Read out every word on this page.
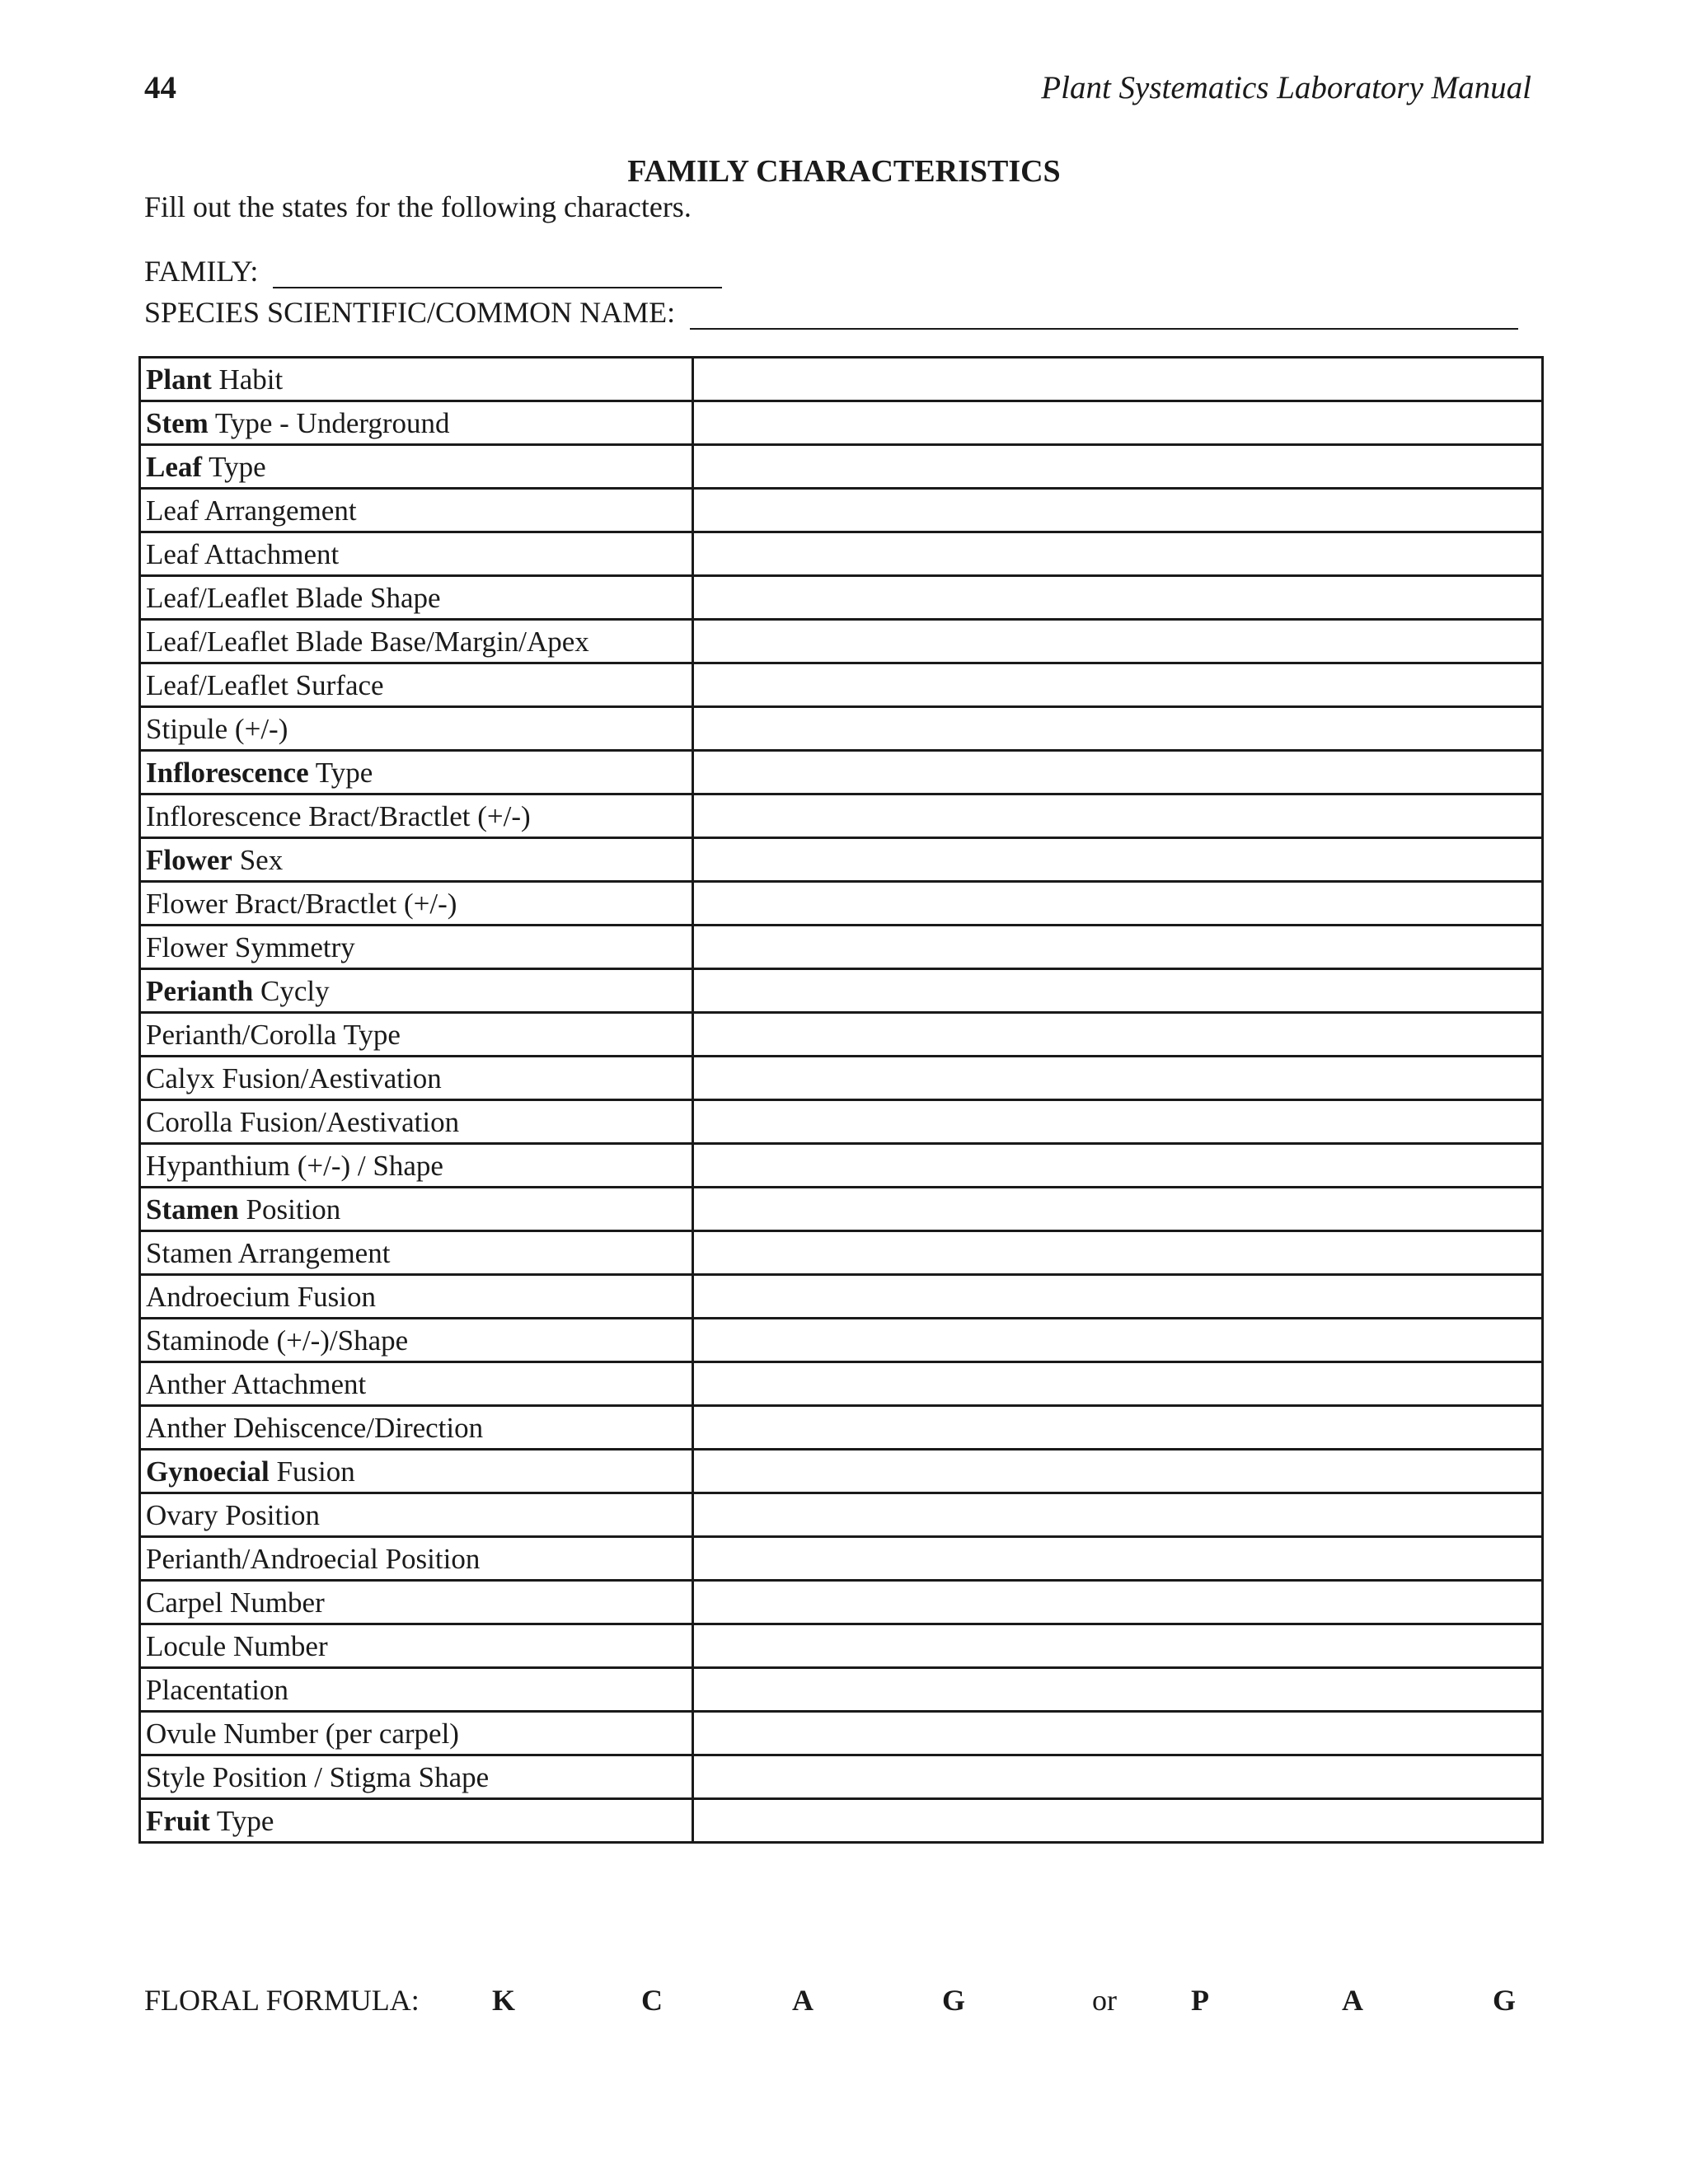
44	Plant Systematics Laboratory Manual
FAMILY CHARACTERISTICS
Fill out the states for the following characters.
FAMILY:
SPECIES SCIENTIFIC/COMMON NAME:
Plant Habit	
Stem Type - Underground	
Leaf Type	
Leaf Arrangement	
Leaf Attachment	
Leaf/Leaflet Blade Shape	
Leaf/Leaflet Blade Base/Margin/Apex	
Leaf/Leaflet Surface	
Stipule (+/-)	
Inflorescence Type	
Inflorescence Bract/Bractlet (+/-)	
Flower Sex	
Flower Bract/Bractlet (+/-)	
Flower Symmetry	
Perianth Cycly	
Perianth/Corolla Type	
Calyx Fusion/Aestivation	
Corolla Fusion/Aestivation	
Hypanthium (+/-) / Shape	
Stamen Position	
Stamen Arrangement	
Androecium Fusion	
Staminode (+/-)/Shape	
Anther Attachment	
Anther Dehiscence/Direction	
Gynoecial Fusion	
Ovary Position	
Perianth/Androecial Position	
Carpel Number	
Locule Number	
Placentation	
Ovule Number (per carpel)	
Style Position / Stigma Shape	
Fruit Type	
FLORAL FORMULA: K	C	A	G	or	P	A	G
